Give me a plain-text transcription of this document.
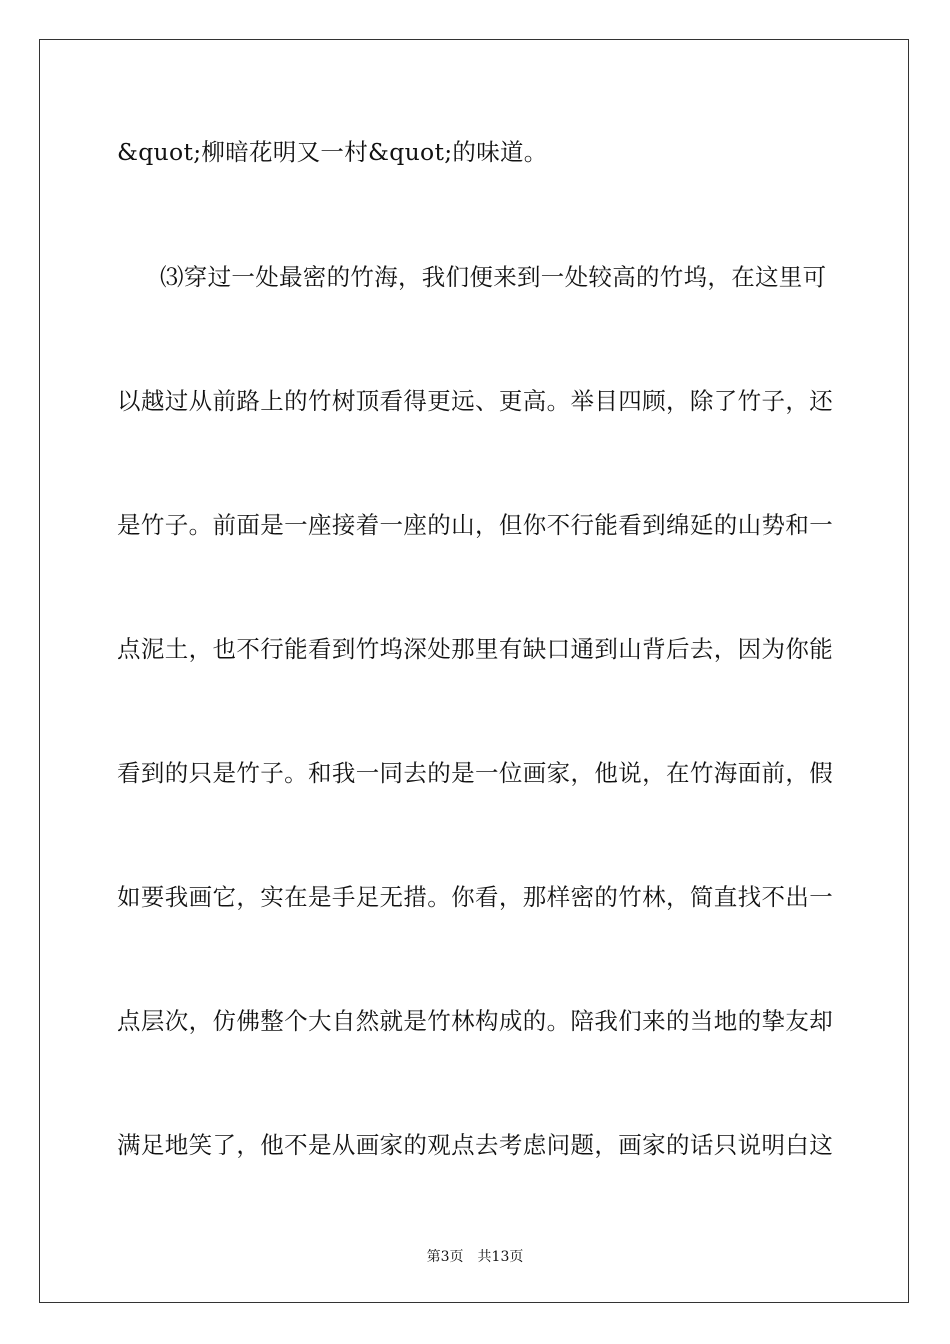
&quot;柳暗花明又一村&quot;的味道。
⑶穿过一处最密的竹海，我们便来到一处较高的竹坞，在这里可
以越过从前路上的竹树顶看得更远、更高。举目四顾，除了竹子，还
是竹子。前面是一座接着一座的山，但你不行能看到绵延的山势和一
点泥土，也不行能看到竹坞深处那里有缺口通到山背后去，因为你能
看到的只是竹子。和我一同去的是一位画家，他说，在竹海面前，假
如要我画它，实在是手足无措。你看，那样密的竹林，简直找不出一
点层次，仿佛整个大自然就是竹林构成的。陪我们来的当地的挚友却
满足地笑了，他不是从画家的观点去考虑问题，画家的话只说明白这
第3页 共13页
